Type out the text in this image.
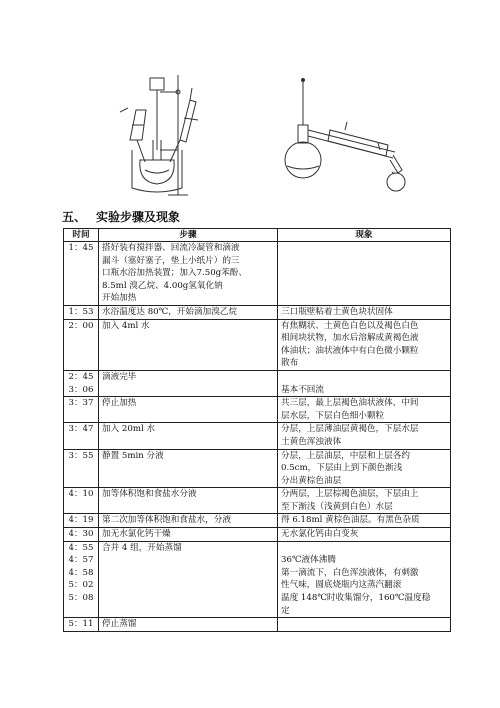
五、 实验步骤及现象
时间	步骤	现象

1：45	搭好装有搅拌器、回流冷凝管和滴液
漏斗（塞好塞子，垫上小纸片）的三
口瓶水浴加热装置；加入7.50g苯酚、
8.5ml 溴乙烷、4.00g氢氧化钠
开始加热	

1：53	水浴温度达 80℃，开始滴加溴乙烷	三口瓶壁粘着土黄色块状固体

2：00	加入 4ml 水	有焦糊状、土黄色白色以及褐色白色
相间块状物，加水后溶解成黄褐色液
体油状；油状液体中有白色微小颗粒
散布

2：45
3：06	滴液完毕	基本不回流

3：37	停止加热	共三层，最上层褐色油状液体，中间
层水层，下层白色细小颗粒

3：47	加入 20ml 水	分层，上层薄油层黄褐色，下层水层
土黄色浑浊液体

3：55	静置 5min 分液	分层，上层油层，中层和上层各约
0.5cm，下层由上到下颜色渐浅
分出黄棕色油层

4：10	加等体积饱和食盐水分液	分两层，上层棕褐色油层，下层由上
至下渐浅（浅黄到白色）水层

4：19	第二次加等体积饱和食盐水，分液	得 6.18ml 黄棕色油层。有黑色杂质

4：30	加无水氯化钙干燥	无水氯化钙由白变灰

4：55
4：57
4：58
5：02
5：08	合并 4 组，开始蒸馏	36℃液体沸腾
第一滴流下，白色浑浊液体，有刺激
性气味，圆底烧瓶内这蒸汽翻滚
温度 148℃时收集馏分，160℃温度稳
定

5：11	停止蒸馏	
